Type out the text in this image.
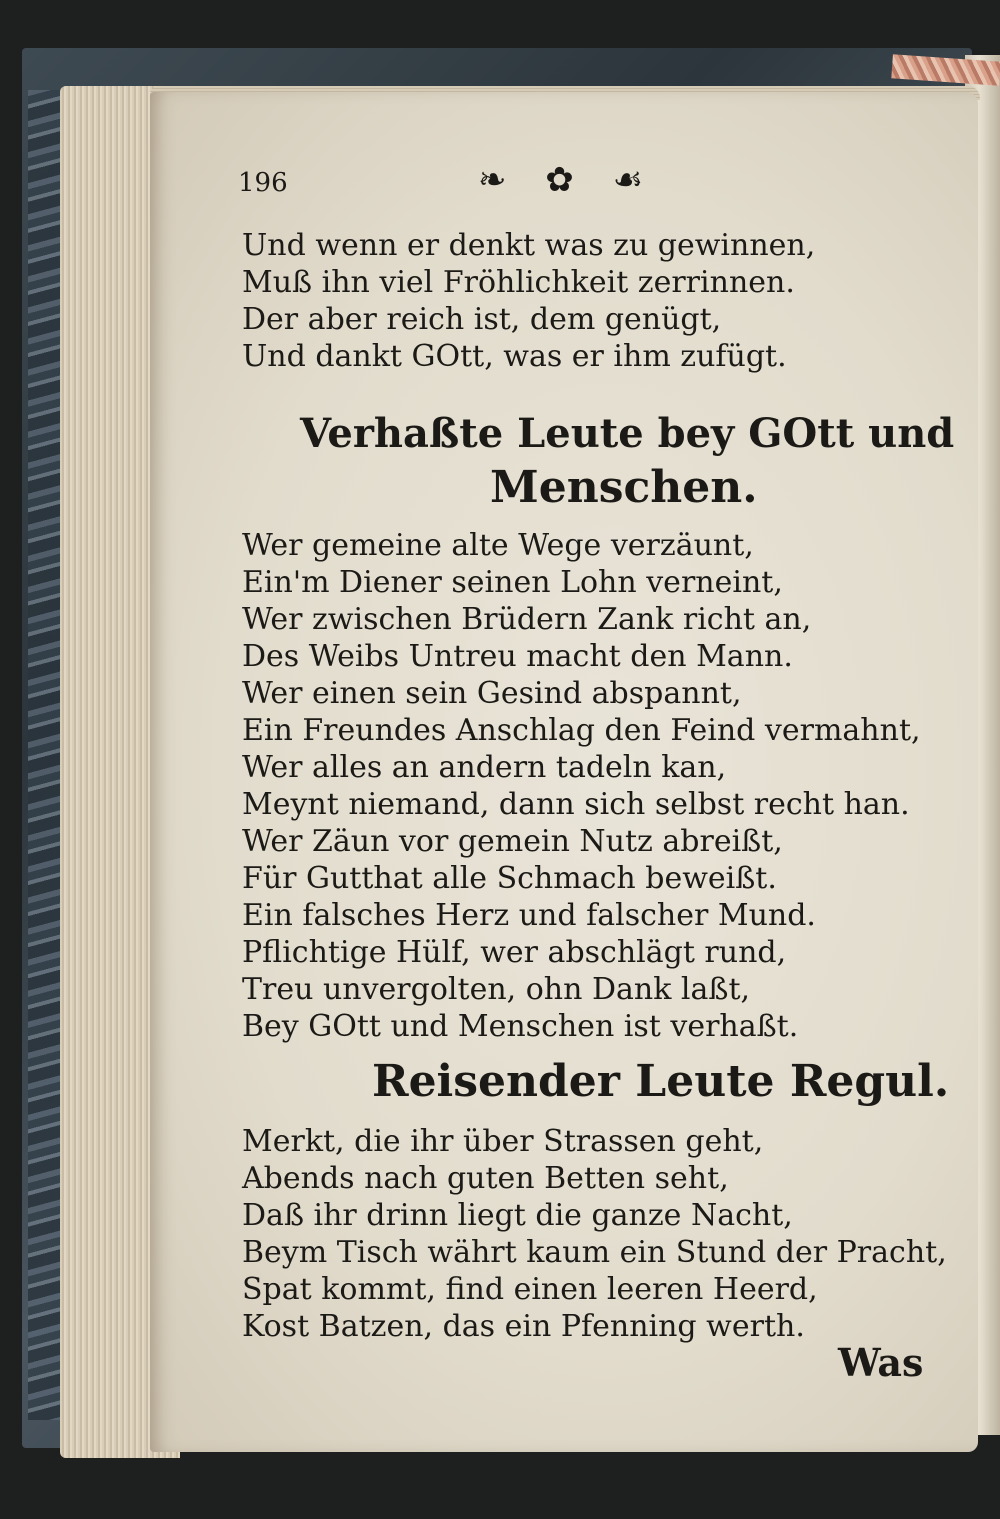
196	❧ ✿ ☙
Und wenn er denkt was zu gewinnen,
Muß ihn viel Fröhlichkeit zerrinnen.
Der aber reich ist, dem genügt,
Und dankt GOtt, was er ihm zufügt.
Verhaßte Leute bey GOtt und
Menschen.
Wer gemeine alte Wege verzäunt,
Ein'm Diener seinen Lohn verneint,
Wer zwischen Brüdern Zank richt an,
Des Weibs Untreu macht den Mann.
Wer einen sein Gesind abspannt,
Ein Freundes Anschlag den Feind vermahnt,
Wer alles an andern tadeln kan,
Meynt niemand, dann sich selbst recht han.
Wer Zäun vor gemein Nutz abreißt,
Für Gutthat alle Schmach beweißt.
Ein falsches Herz und falscher Mund.
Pflichtige Hülf, wer abschlägt rund,
Treu unvergolten, ohn Dank laßt,
Bey GOtt und Menschen ist verhaßt.
Reisender Leute Regul.
Merkt, die ihr über Strassen geht,
Abends nach guten Betten seht,
Daß ihr drinn liegt die ganze Nacht,
Beym Tisch währt kaum ein Stund der Pracht,
Spat kommt, find einen leeren Heerd,
Kost Batzen, das ein Pfenning werth.
Was
